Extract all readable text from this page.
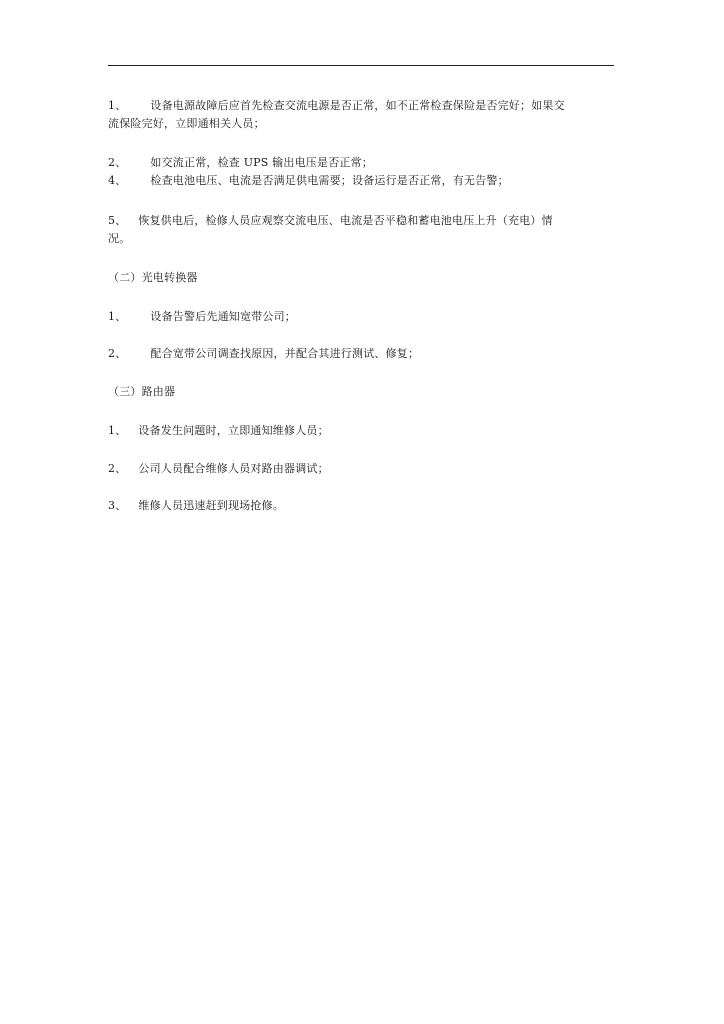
1、 设备电源故障后应首先检查交流电源是否正常，如不正常检查保险是否完好；如果交
流保险完好，立即通相关人员；
2、 如交流正常，检查 UPS 输出电压是否正常；
4、 检查电池电压、电流是否满足供电需要；设备运行是否正常，有无告警；
5、 恢复供电后，检修人员应观察交流电压、电流是否平稳和蓄电池电压上升（充电）情
况。
（二）光电转换器
1、 设备告警后先通知宽带公司；
2、 配合宽带公司调查找原因，并配合其进行测试、修复；
（三）路由器
1、 设备发生问题时，立即通知维修人员；
2、 公司人员配合维修人员对路由器调试；
3、 维修人员迅速赶到现场抢修。
